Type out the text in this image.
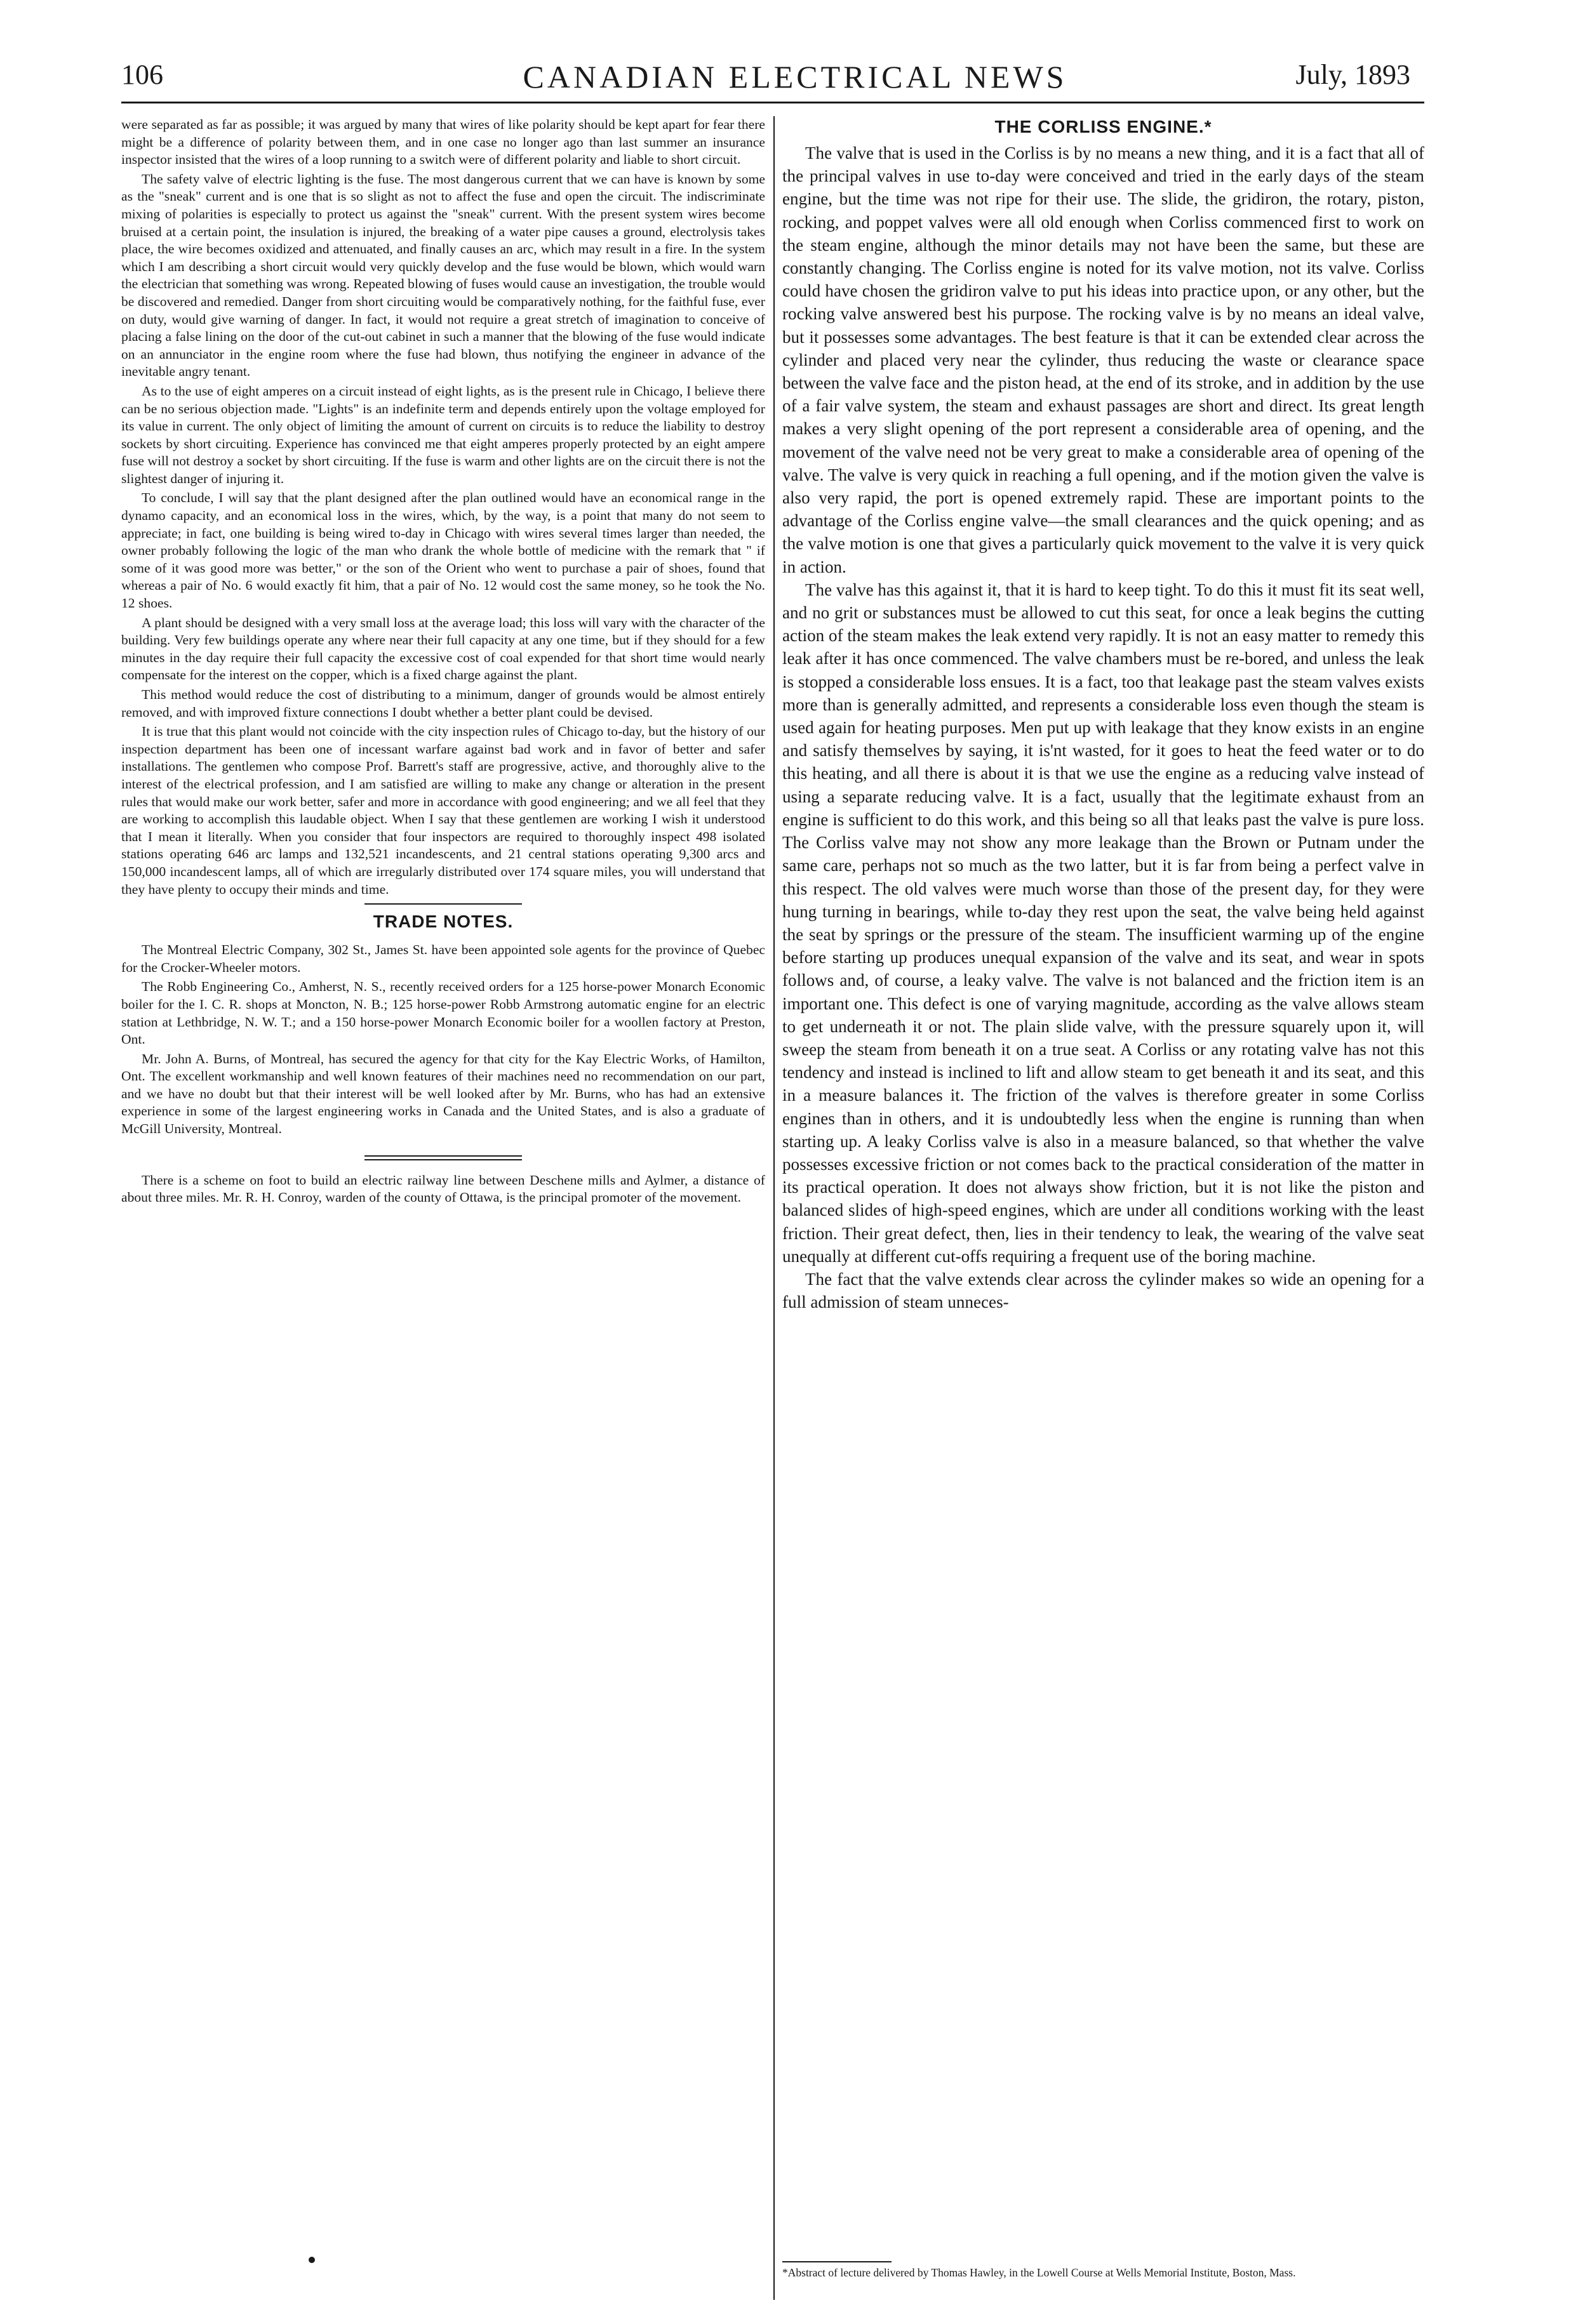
106	CANADIAN ELECTRICAL NEWS	July, 1893

were separated as far as possible; it was argued by many that wires of like polarity should be kept apart for fear there might be a difference of polarity between them, and in one case no longer ago than last summer an insurance inspector insisted that the wires of a loop running to a switch were of different polarity and liable to short circuit.

The safety valve of electric lighting is the fuse. The most dangerous current that we can have is known by some as the "sneak" current and is one that is so slight as not to affect the fuse and open the circuit. The indiscriminate mixing of polarities is especially to protect us against the "sneak" current. With the present system wires become bruised at a certain point, the insulation is injured, the breaking of a water pipe causes a ground, electrolysis takes place, the wire becomes oxidized and attenuated, and finally causes an arc, which may result in a fire. In the system which I am describing a short circuit would very quickly develop and the fuse would be blown, which would warn the electrician that something was wrong. Repeated blowing of fuses would cause an investigation, the trouble would be discovered and remedied. Danger from short circuiting would be comparatively nothing, for the faithful fuse, ever on duty, would give warning of danger. In fact, it would not require a great stretch of imagination to conceive of placing a false lining on the door of the cut-out cabinet in such a manner that the blowing of the fuse would indicate on an annunciator in the engine room where the fuse had blown, thus notifying the engineer in advance of the inevitable angry tenant.

As to the use of eight amperes on a circuit instead of eight lights, as is the present rule in Chicago, I believe there can be no serious objection made. "Lights" is an indefinite term and depends entirely upon the voltage employed for its value in current. The only object of limiting the amount of current on circuits is to reduce the liability to destroy sockets by short circuiting. Experience has convinced me that eight amperes properly protected by an eight ampere fuse will not destroy a socket by short circuiting. If the fuse is warm and other lights are on the circuit there is not the slightest danger of injuring it.

To conclude, I will say that the plant designed after the plan outlined would have an economical range in the dynamo capacity, and an economical loss in the wires, which, by the way, is a point that many do not seem to appreciate; in fact, one building is being wired to-day in Chicago with wires several times larger than needed, the owner probably following the logic of the man who drank the whole bottle of medicine with the remark that " if some of it was good more was better," or the son of the Orient who went to purchase a pair of shoes, found that whereas a pair of No. 6 would exactly fit him, that a pair of No. 12 would cost the same money, so he took the No. 12 shoes.

A plant should be designed with a very small loss at the average load; this loss will vary with the character of the building. Very few buildings operate any where near their full capacity at any one time, but if they should for a few minutes in the day require their full capacity the excessive cost of coal expended for that short time would nearly compensate for the interest on the copper, which is a fixed charge against the plant.

This method would reduce the cost of distributing to a minimum, danger of grounds would be almost entirely removed, and with improved fixture connections I doubt whether a better plant could be devised.

It is true that this plant would not coincide with the city inspection rules of Chicago to-day, but the history of our inspection department has been one of incessant warfare against bad work and in favor of better and safer installations. The gentlemen who compose Prof. Barrett's staff are progressive, active, and thoroughly alive to the interest of the electrical profession, and I am satisfied are willing to make any change or alteration in the present rules that would make our work better, safer and more in accordance with good engineering; and we all feel that they are working to accomplish this laudable object. When I say that these gentlemen are working I wish it understood that I mean it literally. When you consider that four inspectors are required to thoroughly inspect 498 isolated stations operating 646 arc lamps and 132,521 incandescents, and 21 central stations operating 9,300 arcs and 150,000 incandescent lamps, all of which are irregularly distributed over 174 square miles, you will understand that they have plenty to occupy their minds and time.

TRADE NOTES.

The Montreal Electric Company, 302 St., James St. have been appointed sole agents for the province of Quebec for the Crocker-Wheeler motors.

The Robb Engineering Co., Amherst, N. S., recently received orders for a 125 horse-power Monarch Economic boiler for the I. C. R. shops at Moncton, N. B.; 125 horse-power Robb Armstrong automatic engine for an electric station at Lethbridge, N. W. T.; and a 150 horse-power Monarch Economic boiler for a woollen factory at Preston, Ont.

Mr. John A. Burns, of Montreal, has secured the agency for that city for the Kay Electric Works, of Hamilton, Ont. The excellent workmanship and well known features of their machines need no recommendation on our part, and we have no doubt but that their interest will be well looked after by Mr. Burns, who has had an extensive experience in some of the largest engineering works in Canada and the United States, and is also a graduate of McGill University, Montreal.

There is a scheme on foot to build an electric railway line between Deschene mills and Aylmer, a distance of about three miles. Mr. R. H. Conroy, warden of the county of Ottawa, is the principal promoter of the movement.

THE CORLISS ENGINE.*

The valve that is used in the Corliss is by no means a new thing, and it is a fact that all of the principal valves in use to-day were conceived and tried in the early days of the steam engine, but the time was not ripe for their use. The slide, the gridiron, the rotary, piston, rocking, and poppet valves were all old enough when Corliss commenced first to work on the steam engine, although the minor details may not have been the same, but these are constantly changing. The Corliss engine is noted for its valve motion, not its valve. Corliss could have chosen the gridiron valve to put his ideas into practice upon, or any other, but the rocking valve answered best his purpose. The rocking valve is by no means an ideal valve, but it possesses some advantages. The best feature is that it can be extended clear across the cylinder and placed very near the cylinder, thus reducing the waste or clearance space between the valve face and the piston head, at the end of its stroke, and in addition by the use of a fair valve system, the steam and exhaust passages are short and direct. Its great length makes a very slight opening of the port represent a considerable area of opening, and the movement of the valve need not be very great to make a considerable area of opening of the valve. The valve is very quick in reaching a full opening, and if the motion given the valve is also very rapid, the port is opened extremely rapid. These are important points to the advantage of the Corliss engine valve—the small clearances and the quick opening; and as the valve motion is one that gives a particularly quick movement to the valve it is very quick in action.

The valve has this against it, that it is hard to keep tight. To do this it must fit its seat well, and no grit or substances must be allowed to cut this seat, for once a leak begins the cutting action of the steam makes the leak extend very rapidly. It is not an easy matter to remedy this leak after it has once commenced. The valve chambers must be re-bored, and unless the leak is stopped a considerable loss ensues. It is a fact, too that leakage past the steam valves exists more than is generally admitted, and represents a considerable loss even though the steam is used again for heating purposes. Men put up with leakage that they know exists in an engine and satisfy themselves by saying, it is'nt wasted, for it goes to heat the feed water or to do this heating, and all there is about it is that we use the engine as a reducing valve instead of using a separate reducing valve. It is a fact, usually that the legitimate exhaust from an engine is sufficient to do this work, and this being so all that leaks past the valve is pure loss. The Corliss valve may not show any more leakage than the Brown or Putnam under the same care, perhaps not so much as the two latter, but it is far from being a perfect valve in this respect. The old valves were much worse than those of the present day, for they were hung turning in bearings, while to-day they rest upon the seat, the valve being held against the seat by springs or the pressure of the steam. The insufficient warming up of the engine before starting up produces unequal expansion of the valve and its seat, and wear in spots follows and, of course, a leaky valve. The valve is not balanced and the friction item is an important one. This defect is one of varying magnitude, according as the valve allows steam to get underneath it or not. The plain slide valve, with the pressure squarely upon it, will sweep the steam from beneath it on a true seat. A Corliss or any rotating valve has not this tendency and instead is inclined to lift and allow steam to get beneath it and its seat, and this in a measure balances it. The friction of the valves is therefore greater in some Corliss engines than in others, and it is undoubtedly less when the engine is running than when starting up. A leaky Corliss valve is also in a measure balanced, so that whether the valve possesses excessive friction or not comes back to the practical consideration of the matter in its practical operation. It does not always show friction, but it is not like the piston and balanced slides of high-speed engines, which are under all conditions working with the least friction. Their great defect, then, lies in their tendency to leak, the wearing of the valve seat unequally at different cut-offs requiring a frequent use of the boring machine.

The fact that the valve extends clear across the cylinder makes so wide an opening for a full admission of steam unneces-

*Abstract of lecture delivered by Thomas Hawley, in the Lowell Course at Wells Memorial Institute, Boston, Mass.
